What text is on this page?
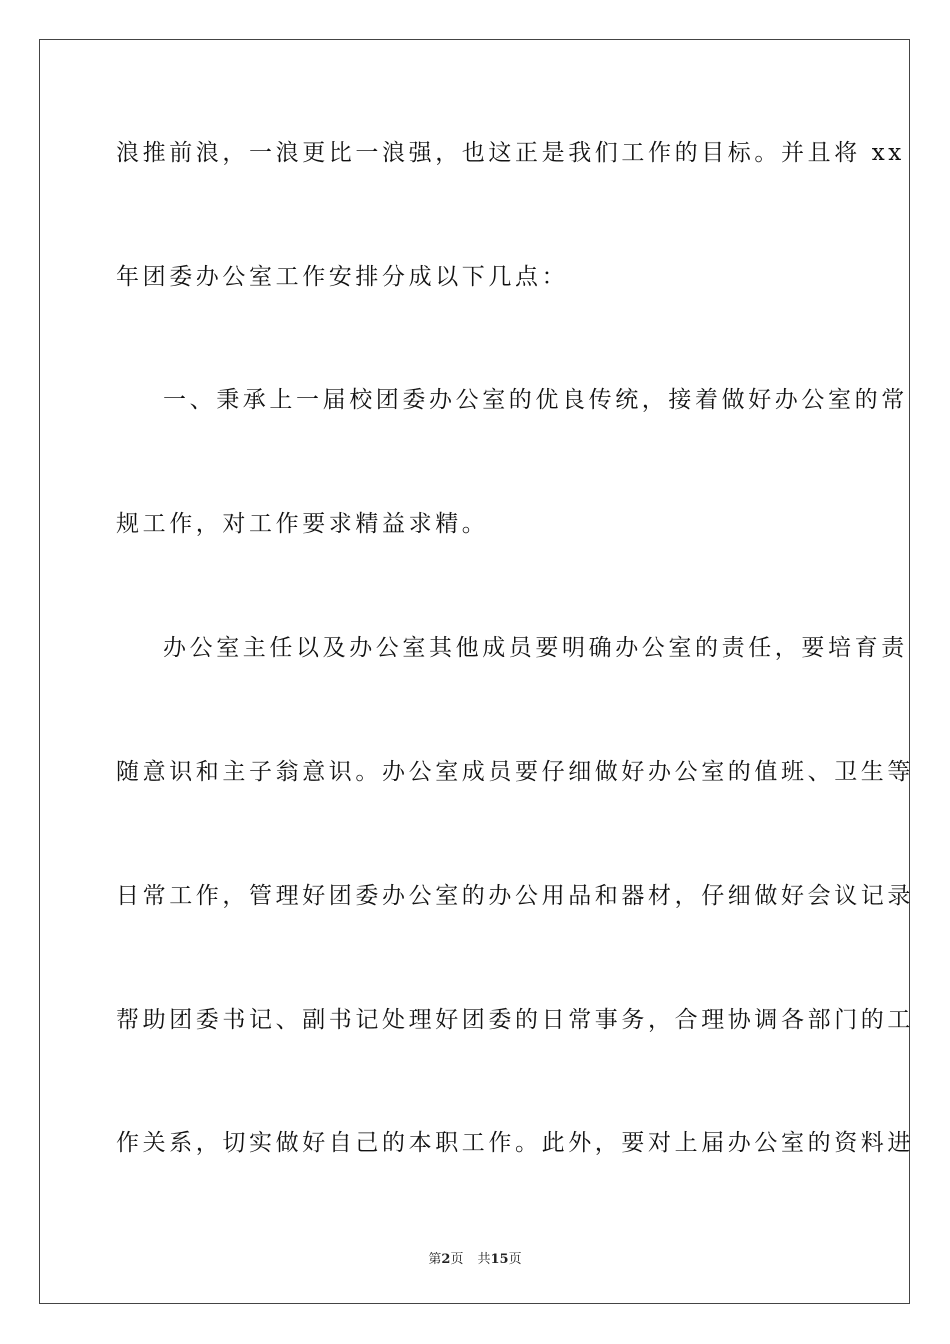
浪推前浪，一浪更比一浪强，也这正是我们工作的目标。并且将 xx
年团委办公室工作安排分成以下几点：
一、秉承上一届校团委办公室的优良传统，接着做好办公室的常
规工作，对工作要求精益求精。
办公室主任以及办公室其他成员要明确办公室的责任，要培育责
随意识和主子翁意识。办公室成员要仔细做好办公室的值班、卫生等
日常工作，管理好团委办公室的办公用品和器材，仔细做好会议记录
帮助团委书记、副书记处理好团委的日常事务，合理协调各部门的工
作关系，切实做好自己的本职工作。此外，要对上届办公室的资料进
第2页 共15页
